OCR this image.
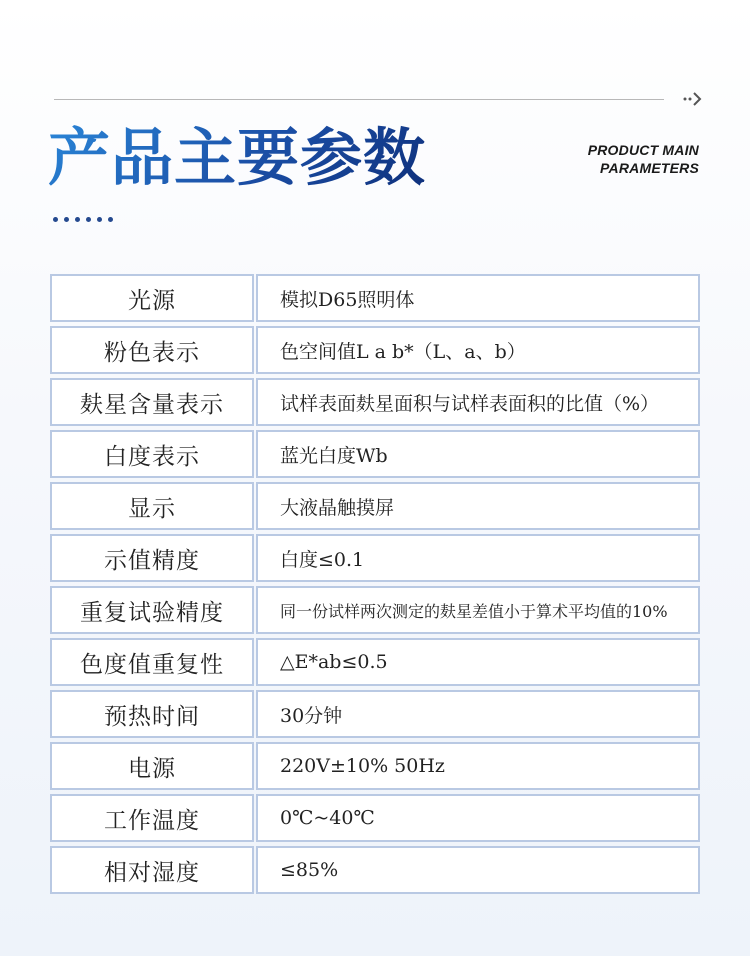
产品主要参数	PRODUCT MAIN
PARAMETERS
光源		模拟D65照明体
粉色表示		色空间值L a b*（L、a、b）
麸星含量表示		试样表面麸星面积与试样表面积的比值（%）
白度表示		蓝光白度Wb
显示		大液晶触摸屏
示值精度		白度≤0.1
重复试验精度		同一份试样两次测定的麸星差值小于算术平均值的10%
色度值重复性		△E*ab≤0.5
预热时间		30分钟
电源		220V±10% 50Hz
工作温度		0℃~40℃
相对湿度		≤85%
